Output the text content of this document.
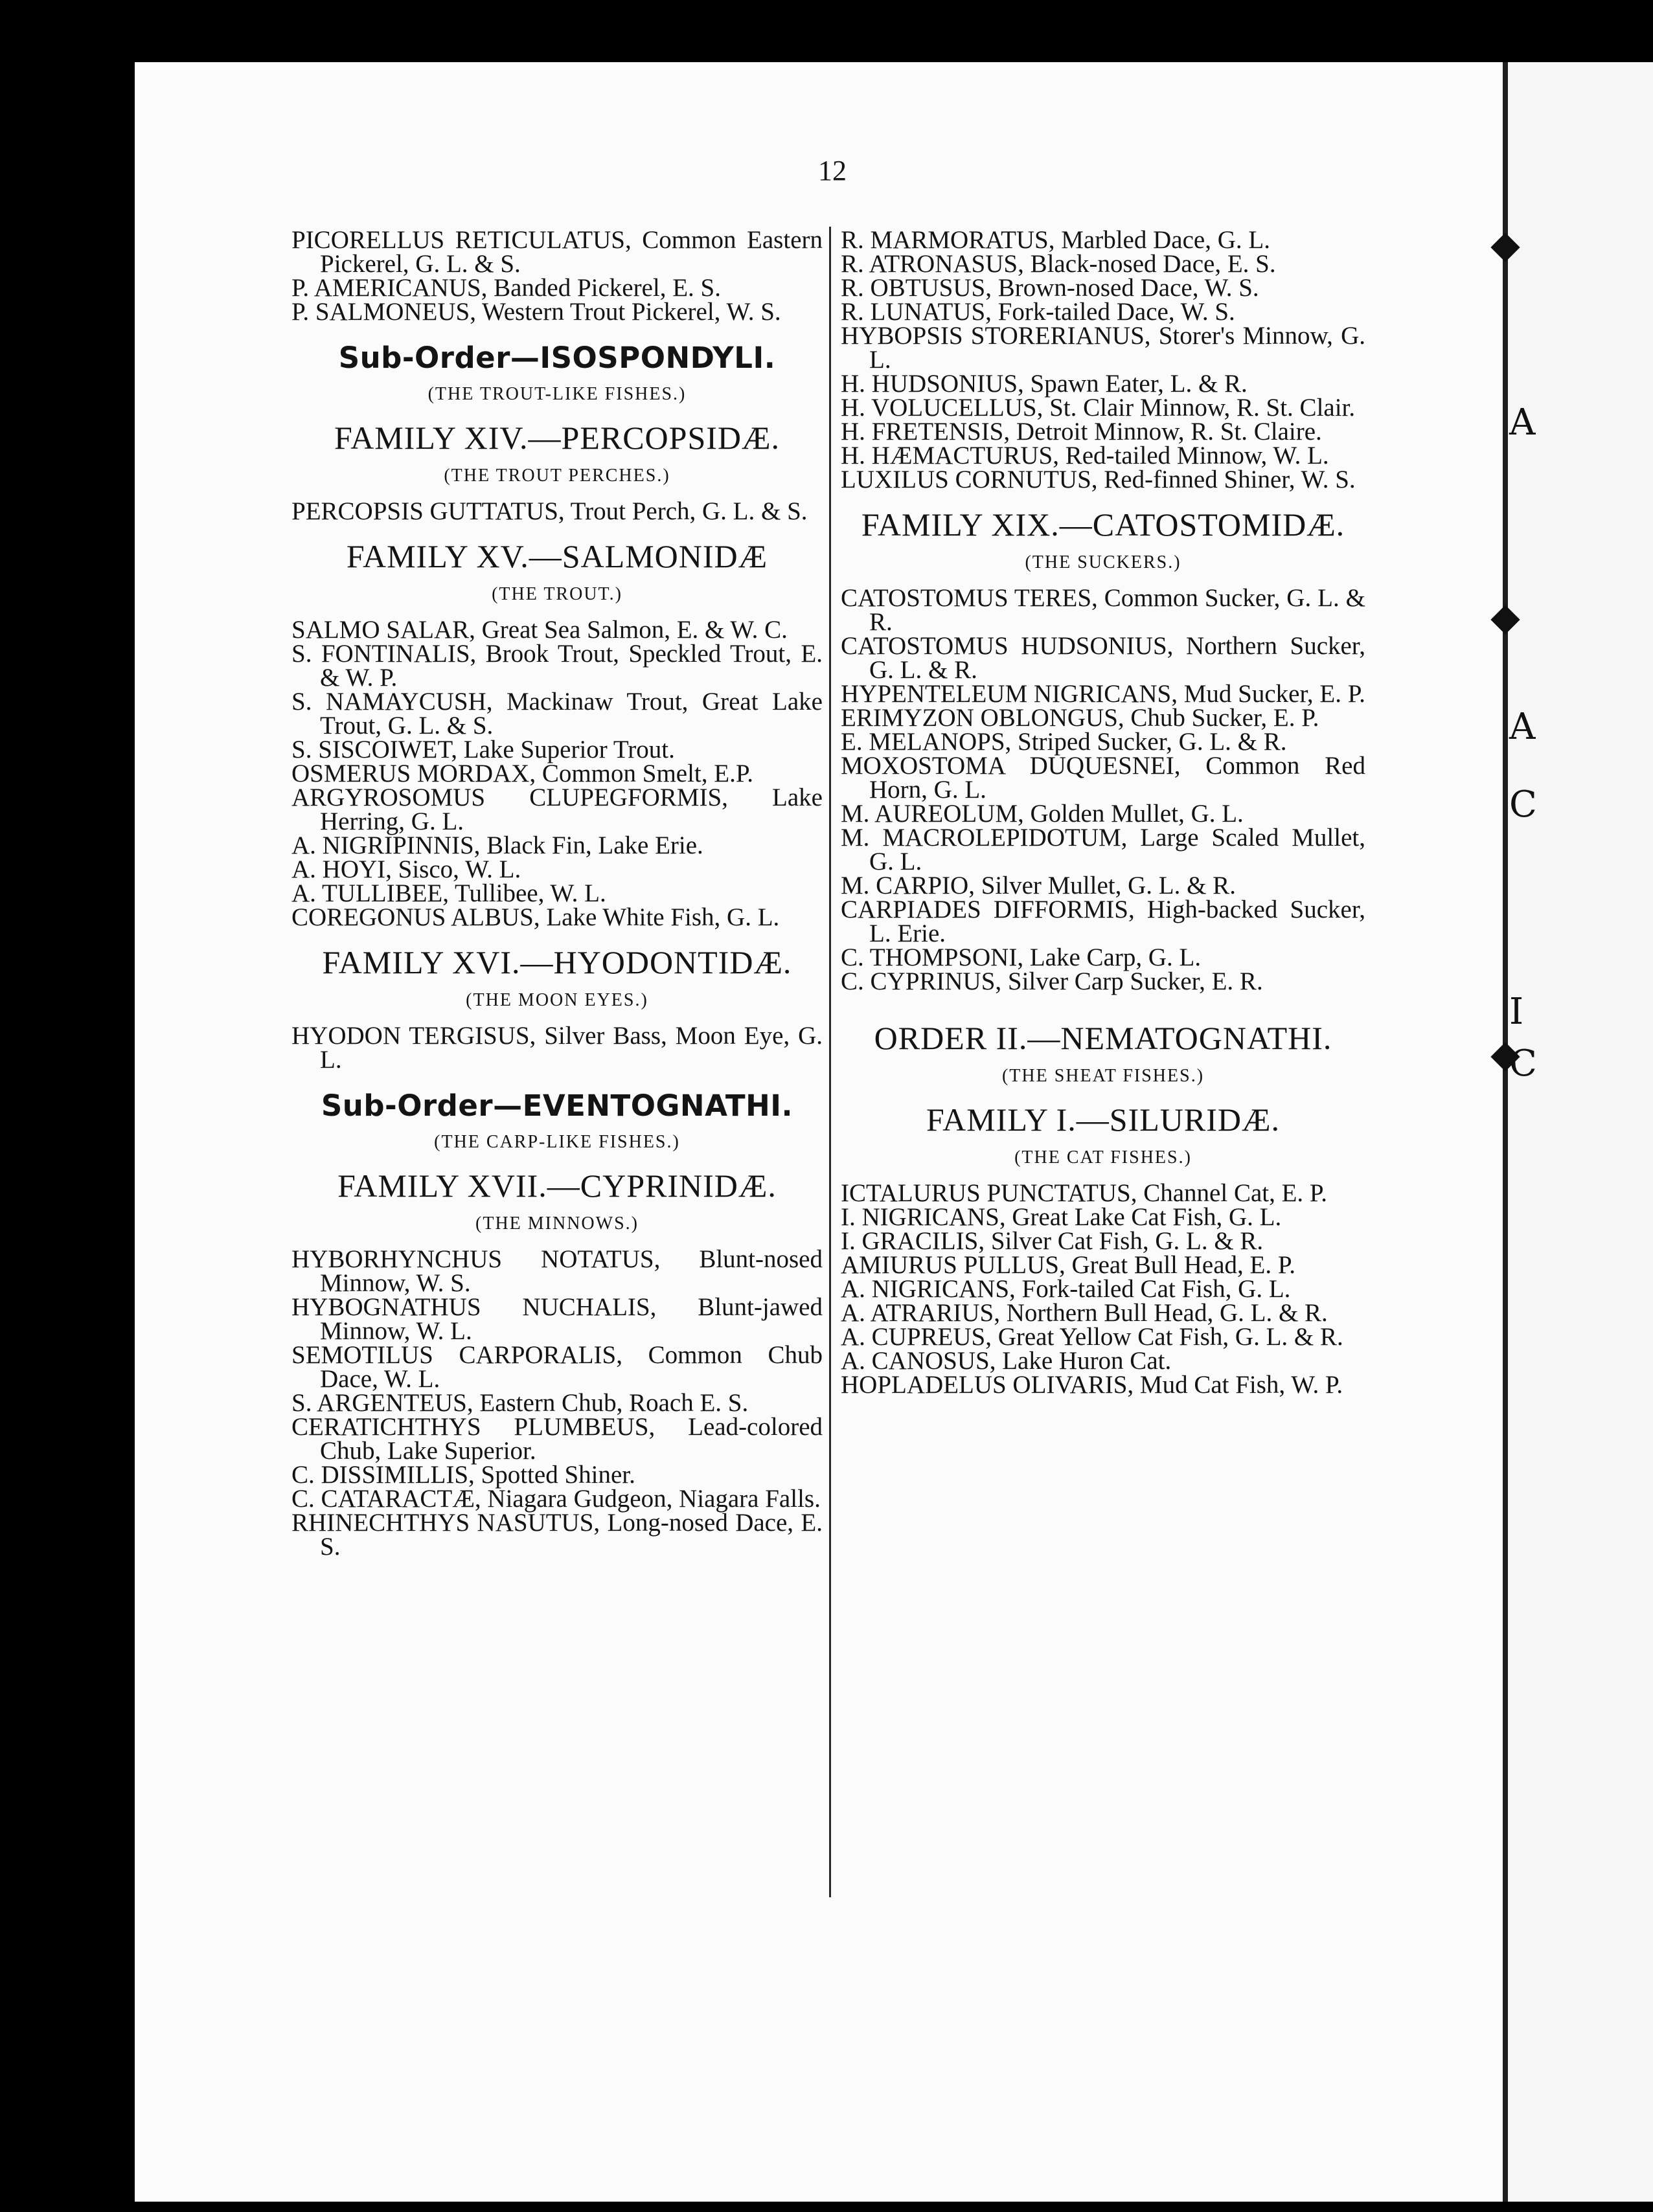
A
A
C
I
C
12

PICORELLUS RETICULATUS, Common Eastern Pickerel, G. L. & S.

P. AMERICANUS, Banded Pickerel, E. S.

P. SALMONEUS, Western Trout Pickerel, W. S.

Sub-Order—ISOSPONDYLI.

(THE TROUT-LIKE FISHES.)

FAMILY XIV.—PERCOPSIDÆ.

(THE TROUT PERCHES.)

PERCOPSIS GUTTATUS, Trout Perch, G. L. & S.

FAMILY XV.—SALMONIDÆ

(THE TROUT.)

SALMO SALAR, Great Sea Salmon, E. & W. C.

S. FONTINALIS, Brook Trout, Speckled Trout, E. & W. P.

S. NAMAYCUSH, Mackinaw Trout, Great Lake Trout, G. L. & S.

S. SISCOIWET, Lake Superior Trout.

OSMERUS MORDAX, Common Smelt, E.P.

ARGYROSOMUS CLUPEGFORMIS, Lake Herring, G. L.

A. NIGRIPINNIS, Black Fin, Lake Erie.

A. HOYI, Sisco, W. L.

A. TULLIBEE, Tullibee, W. L.

COREGONUS ALBUS, Lake White Fish, G. L.

FAMILY XVI.—HYODONTIDÆ.

(THE MOON EYES.)

HYODON TERGISUS, Silver Bass, Moon Eye, G. L.

Sub-Order—EVENTOGNATHI.

(THE CARP-LIKE FISHES.)

FAMILY XVII.—CYPRINIDÆ.

(THE MINNOWS.)

HYBORHYNCHUS NOTATUS, Blunt-nosed Minnow, W. S.

HYBOGNATHUS NUCHALIS, Blunt-jawed Minnow, W. L.

SEMOTILUS CARPORALIS, Common Chub Dace, W. L.

S. ARGENTEUS, Eastern Chub, Roach E. S.

CERATICHTHYS PLUMBEUS, Lead-colored Chub, Lake Superior.

C. DISSIMILLIS, Spotted Shiner.

C. CATARACTÆ, Niagara Gudgeon, Niagara Falls.

RHINECHTHYS NASUTUS, Long-nosed Dace, E. S.

R. MARMORATUS, Marbled Dace, G. L.

R. ATRONASUS, Black-nosed Dace, E. S.

R. OBTUSUS, Brown-nosed Dace, W. S.

R. LUNATUS, Fork-tailed Dace, W. S.

HYBOPSIS STORERIANUS, Storer's Minnow, G. L.

H. HUDSONIUS, Spawn Eater, L. & R.

H. VOLUCELLUS, St. Clair Minnow, R. St. Clair.

H. FRETENSIS, Detroit Minnow, R. St. Claire.

H. HÆMACTURUS, Red-tailed Minnow, W. L.

LUXILUS CORNUTUS, Red-finned Shiner, W. S.

FAMILY XIX.—CATOSTOMIDÆ.

(THE SUCKERS.)

CATOSTOMUS TERES, Common Sucker, G. L. & R.

CATOSTOMUS HUDSONIUS, Northern Sucker, G. L. & R.

HYPENTELEUM NIGRICANS, Mud Sucker, E. P.

ERIMYZON OBLONGUS, Chub Sucker, E. P.

E. MELANOPS, Striped Sucker, G. L. & R.

MOXOSTOMA DUQUESNEI, Common Red Horn, G. L.

M. AUREOLUM, Golden Mullet, G. L.

M. MACROLEPIDOTUM, Large Scaled Mullet, G. L.

M. CARPIO, Silver Mullet, G. L. & R.

CARPIADES DIFFORMIS, High-backed Sucker, L. Erie.

C. THOMPSONI, Lake Carp, G. L.

C. CYPRINUS, Silver Carp Sucker, E. R.

ORDER II.—NEMATOGNATHI.

(THE SHEAT FISHES.)

FAMILY I.—SILURIDÆ.

(THE CAT FISHES.)

ICTALURUS PUNCTATUS, Channel Cat, E. P.

I. NIGRICANS, Great Lake Cat Fish, G. L.

I. GRACILIS, Silver Cat Fish, G. L. & R.

AMIURUS PULLUS, Great Bull Head, E. P.

A. NIGRICANS, Fork-tailed Cat Fish, G. L.

A. ATRARIUS, Northern Bull Head, G. L. & R.

A. CUPREUS, Great Yellow Cat Fish, G. L. & R.

A. CANOSUS, Lake Huron Cat.

HOPLADELUS OLIVARIS, Mud Cat Fish, W. P.
